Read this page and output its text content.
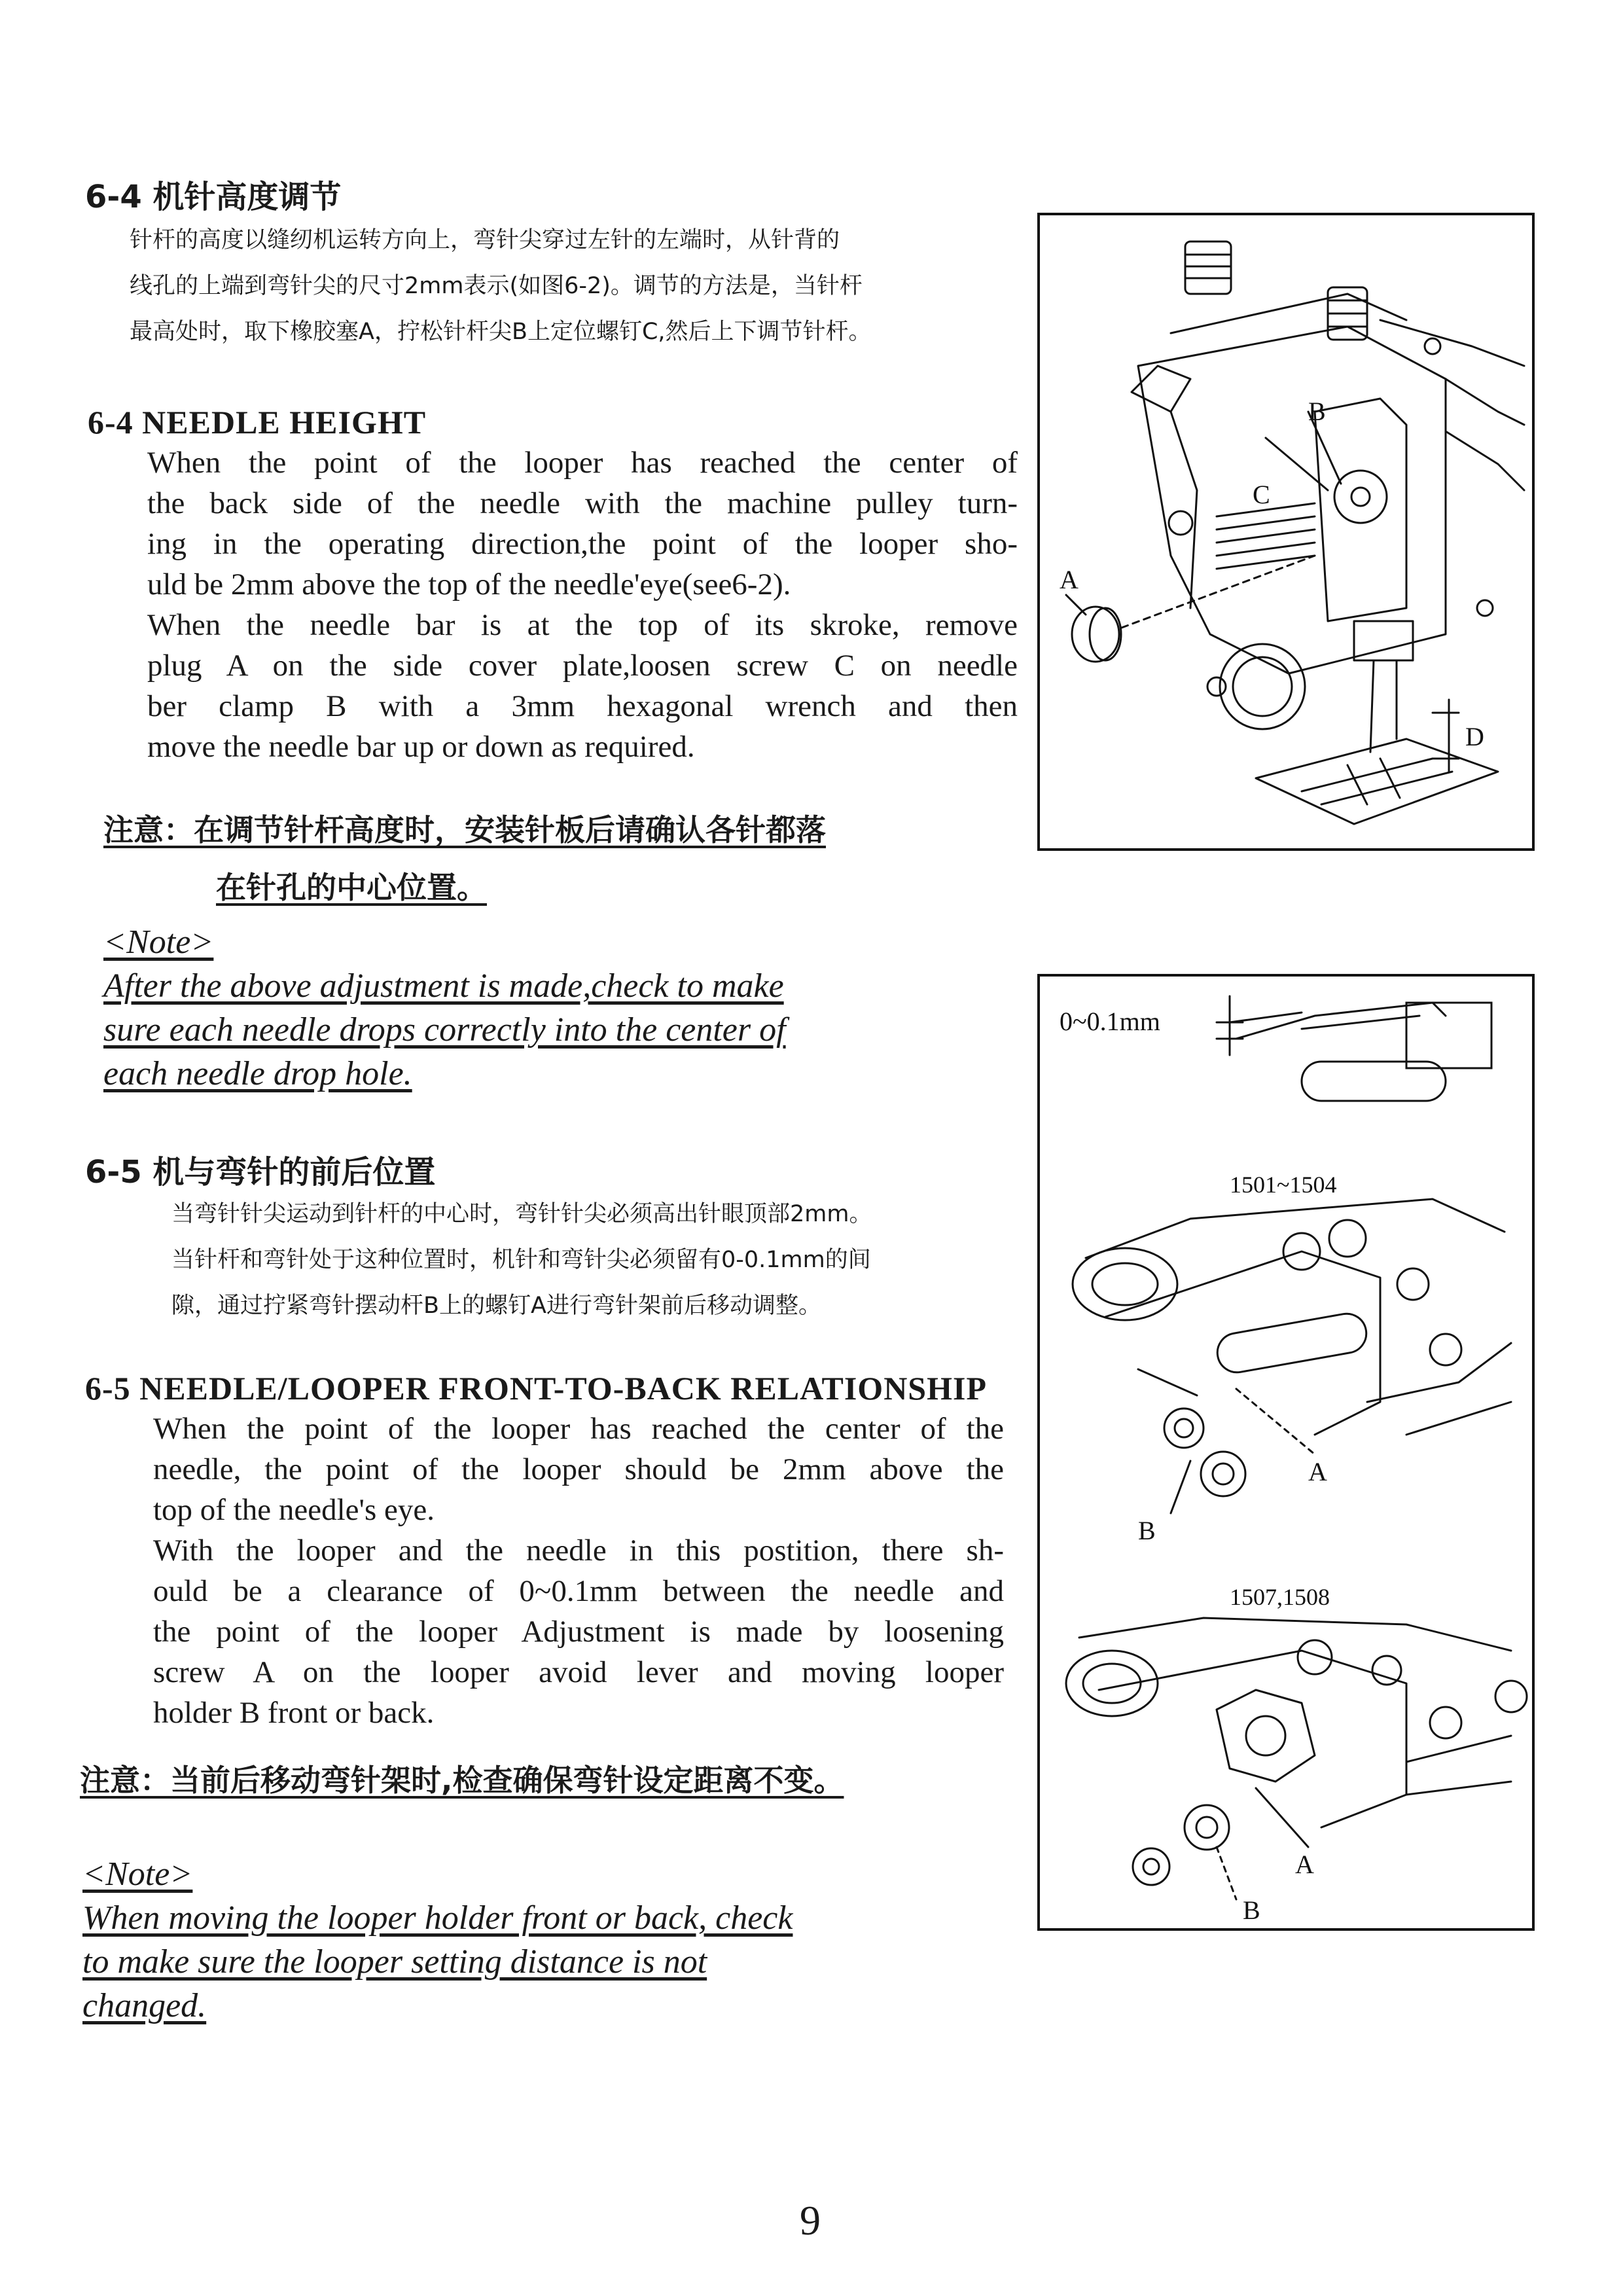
6-4 机针高度调节
针杆的高度以缝纫机运转方向上，弯针尖穿过左针的左端时，从针背的
线孔的上端到弯针尖的尺寸2mm表示(如图6-2)。调节的方法是，当针杆
最高处时，取下橡胶塞A，拧松针杆尖B上定位螺钉C,然后上下调节针杆。
6-4 NEEDLE HEIGHT
When the point of the looper has reached the center of
the back side of the needle with the machine pulley turn-
ing in the operating direction,the point of the looper sho-
uld be 2mm above the top of the needle'eye(see6-2).
When the needle bar is at the top of its skroke, remove
plug A on the side cover plate,loosen screw C on needle
ber clamp B with a 3mm hexagonal wrench and then
move the needle bar up or down as required.
注意：在调节针杆高度时，安装针板后请确认各针都落
在针孔的中心位置。
<Note>
After the above adjustment is made,check to make
sure each needle drops correctly into the center of
each needle drop hole.
6-5 机与弯针的前后位置
当弯针针尖运动到针杆的中心时，弯针针尖必须高出针眼顶部2mm。
当针杆和弯针处于这种位置时，机针和弯针尖必须留有0-0.1mm的间
隙，通过拧紧弯针摆动杆B上的螺钉A进行弯针架前后移动调整。
6-5 NEEDLE/LOOPER FRONT-TO-BACK RELATIONSHIP
When the point of the looper has reached the center of the
needle, the point of the looper should be 2mm above the
top of the needle's eye.
With the looper and the needle in this postition, there sh-
ould be a clearance of 0~0.1mm between the needle and
the point of the looper Adjustment is made by loosening
screw A on the looper avoid lever and moving looper
holder B front or back.
注意：当前后移动弯针架时,检查确保弯针设定距离不变。
<Note>
When moving the looper holder front or back, check
to make sure the looper setting distance is not
changed.
B
C
A
D
0~0.1mm
1501~1504
A
B
1507,1508
A
B
9
